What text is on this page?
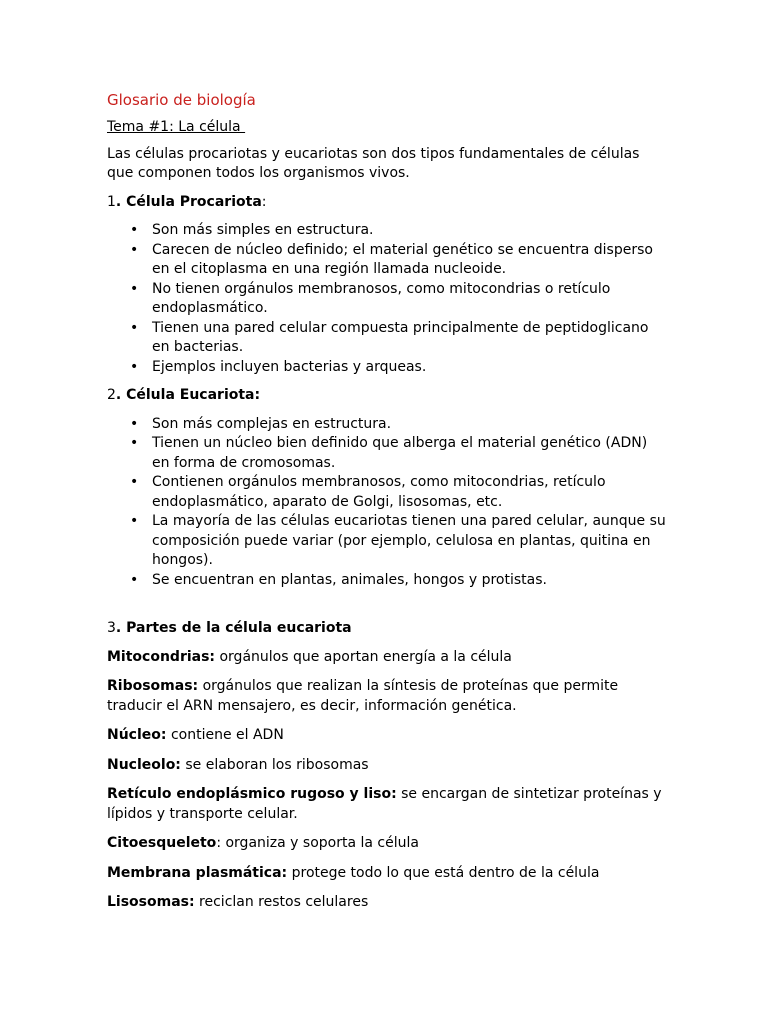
Glosario de biología
Tema #1: La célula

Las células procariotas y eucariotas son dos tipos fundamentales de células que componen todos los organismos vivos.

1. Célula Procariota:
• Son más simples en estructura.
• Carecen de núcleo definido; el material genético se encuentra disperso en el citoplasma en una región llamada nucleoide.
• No tienen orgánulos membranosos, como mitocondrias o retículo endoplasmático.
• Tienen una pared celular compuesta principalmente de peptidoglicano en bacterias.
• Ejemplos incluyen bacterias y arqueas.
2. Célula Eucariota:
• Son más complejas en estructura.
• Tienen un núcleo bien definido que alberga el material genético (ADN) en forma de cromosomas.
• Contienen orgánulos membranosos, como mitocondrias, retículo endoplasmático, aparato de Golgi, lisosomas, etc.
• La mayoría de las células eucariotas tienen una pared celular, aunque su composición puede variar (por ejemplo, celulosa en plantas, quitina en hongos).
• Se encuentran en plantas, animales, hongos y protistas.
3. Partes de la célula eucariota

Mitocondrias: orgánulos que aportan energía a la célula

Ribosomas: orgánulos que realizan la síntesis de proteínas que permite traducir el ARN mensajero, es decir, información genética.

Núcleo: contiene el ADN

Nucleolo: se elaboran los ribosomas

Retículo endoplásmico rugoso y liso: se encargan de sintetizar proteínas y lípidos y transporte celular.

Citoesqueleto: organiza y soporta la célula

Membrana plasmática: protege todo lo que está dentro de la célula

Lisosomas: reciclan restos celulares
